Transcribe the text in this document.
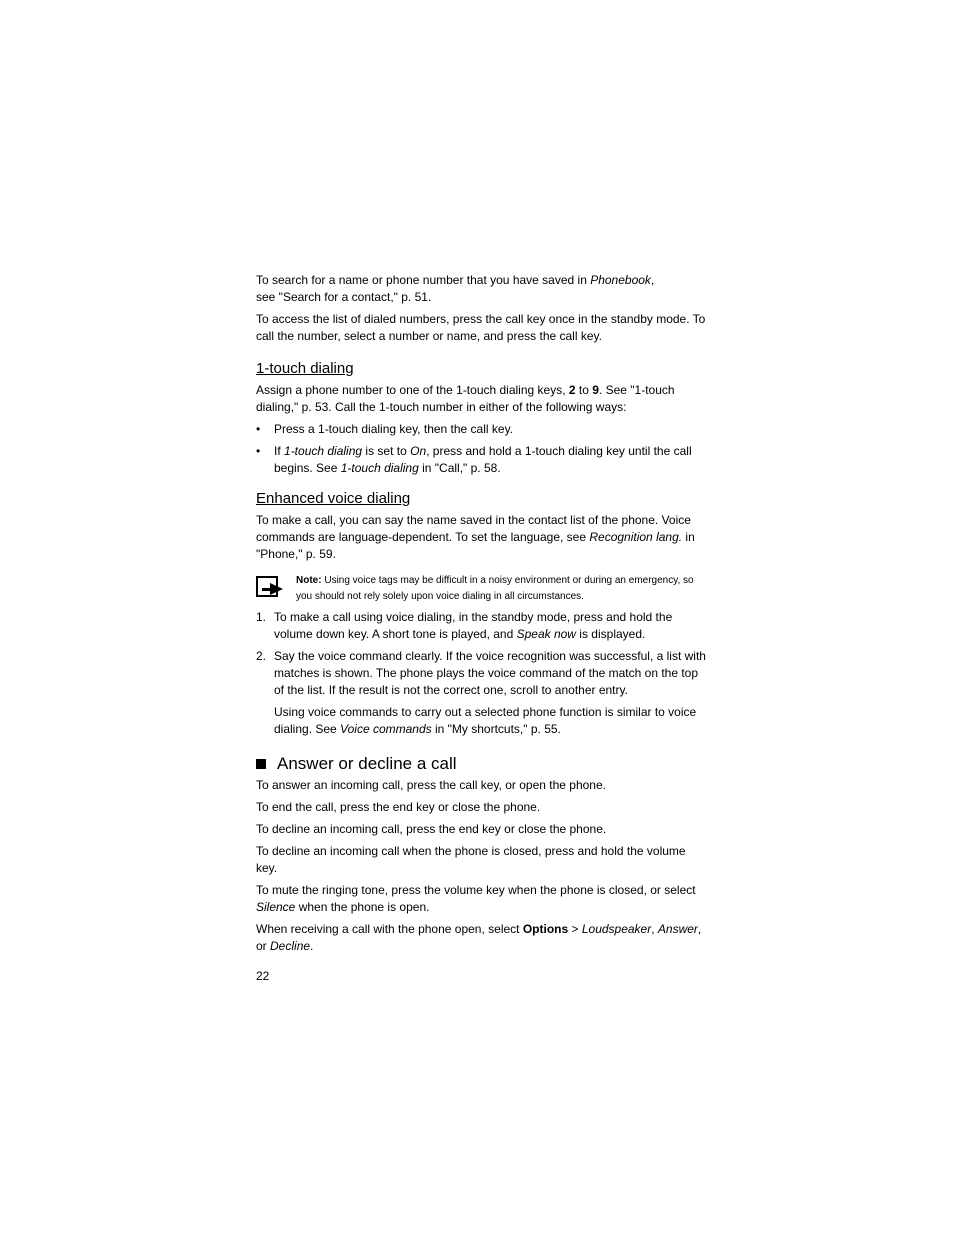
To search for a name or phone number that you have saved in Phonebook,
see "Search for a contact," p. 51.

To access the list of dialed numbers, press the call key once in the standby mode. To call the number, select a number or name, and press the call key.

1-touch dialing

Assign a phone number to one of the 1-touch dialing keys, 2 to 9. See "1-touch dialing," p. 53. Call the 1-touch number in either of the following ways:

• Press a 1-touch dialing key, then the call key.
• If 1-touch dialing is set to On, press and hold a 1-touch dialing key until the call begins. See 1-touch dialing in "Call," p. 58.
Enhanced voice dialing

To make a call, you can say the name saved in the contact list of the phone. Voice commands are language-dependent. To set the language, see Recognition lang. in "Phone," p. 59.

Note: Using voice tags may be difficult in a noisy environment or during an emergency, so you should not rely solely upon voice dialing in all circumstances.
1. To make a call using voice dialing, in the standby mode, press and hold the volume down key. A short tone is played, and Speak now is displayed.
2. Say the voice command clearly. If the voice recognition was successful, a list with matches is shown. The phone plays the voice command of the match on the top of the list. If the result is not the correct one, scroll to another entry.

Using voice commands to carry out a selected phone function is similar to voice dialing. See Voice commands in "My shortcuts," p. 55.

Answer or decline a call

To answer an incoming call, press the call key, or open the phone.

To end the call, press the end key or close the phone.

To decline an incoming call, press the end key or close the phone.

To decline an incoming call when the phone is closed, press and hold the volume key.

To mute the ringing tone, press the volume key when the phone is closed, or select Silence when the phone is open.

When receiving a call with the phone open, select Options > Loudspeaker, Answer, or Decline.

22
